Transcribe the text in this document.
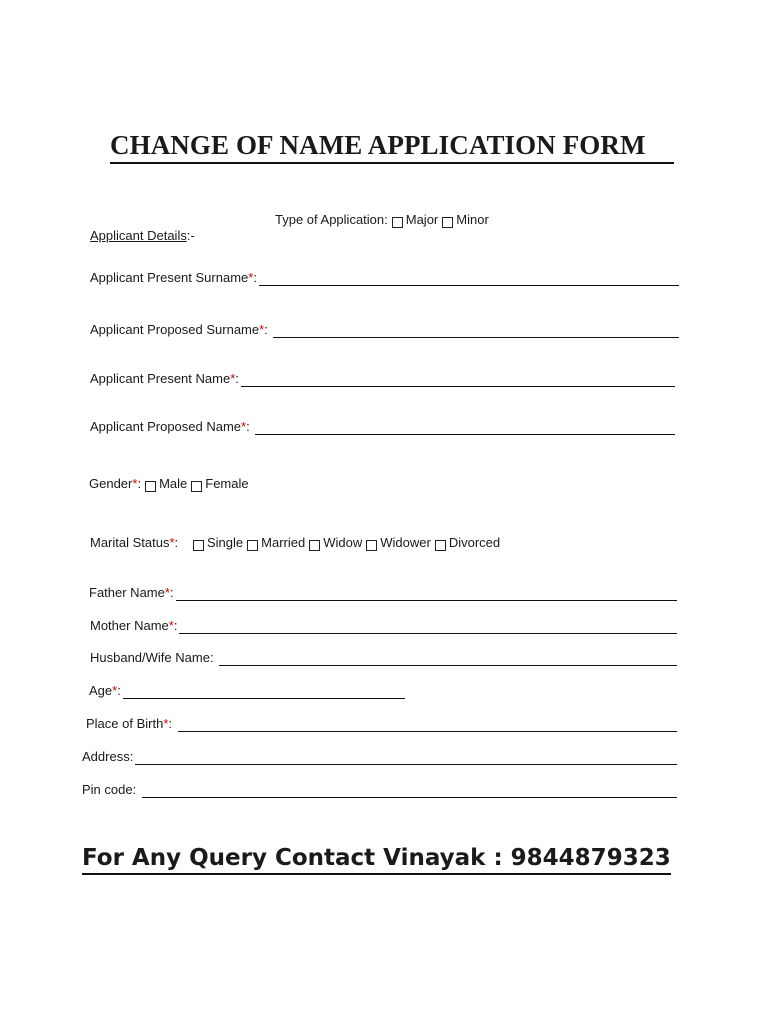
CHANGE OF NAME APPLICATION FORM
Type of Application: Major Minor
Applicant Details :-
Applicant Present Surname * :
Applicant Proposed Surname * :
Applicant Present Name * :
Applicant Proposed Name * :
Gender * : Male Female
Marital Status * : Single Married Widow Widower Divorced
Father Name * :
Mother Name * :
Husband/Wife Name:

Age * :
Place of Birth * :
Address:
Pin code:

For Any Query Contact Vinayak : 9844879323
